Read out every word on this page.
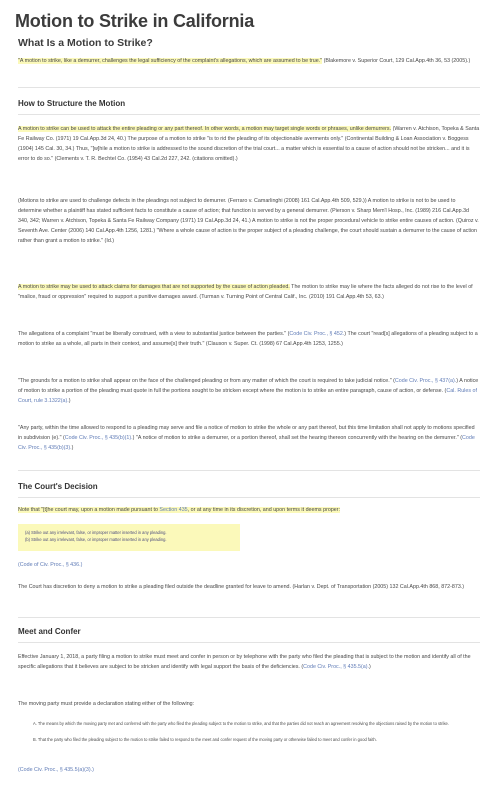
Motion to Strike in California
What Is a Motion to Strike?

"A motion to strike, like a demurrer, challenges the legal sufficiency of the complaint's allegations, which are assumed to be true." (Blakemore v. Superior Court, 129 Cal.App.4th 36, 53 (2005).)

How to Structure the Motion

A motion to strike can be used to attack the entire pleading or any part thereof. In other words, a motion may target single words or phrases, unlike demurrers. (Warren v. Atchison, Topeka & Santa Fe Railway Co. (1971) 19 Cal.App.3d 24, 40.) The purpose of a motion to strike "is to rid the pleading of its objectionable averments only." (Continental Building & Loan Association v. Boggess (1904) 145 Cal. 30, 34.) Thus, "[w]hile a motion to strike is addressed to the sound discretion of the trial court... a matter which is essential to a cause of action should not be stricken... and it is error to do so." (Clements v. T. R. Bechtel Co. (1954) 43 Cal.2d 227, 242. (citations omitted).)

(Motions to strike are used to challenge defects in the pleadings not subject to demurrer. (Ferraro v. Camarlinghi (2008) 161 Cal.App.4th 509, 529.)) A motion to strike is not to be used to determine whether a plaintiff has stated sufficient facts to constitute a cause of action; that function is served by a general demurrer. (Pierson v. Sharp Mem'l Hosp., Inc. (1989) 216 Cal.App.3d 340, 342; Warren v. Atchison, Topeka & Santa Fe Railway Company (1971) 19 Cal.App.3d 24, 41.) A motion to strike is not the proper procedural vehicle to strike entire causes of action. (Quiroz v. Seventh Ave. Center (2006) 140 Cal.App.4th 1256, 1281.) "Where a whole cause of action is the proper subject of a pleading challenge, the court should sustain a demurrer to the cause of action rather than grant a motion to strike." (Id.)

A motion to strike may be used to attack claims for damages that are not supported by the cause of action pleaded. The motion to strike may lie where the facts alleged do not rise to the level of "malice, fraud or oppression" required to support a punitive damages award. (Turman v. Turning Point of Central Calif., Inc. (2010) 191 Cal.App.4th 53, 63.)

The allegations of a complaint "must be liberally construed, with a view to substantial justice between the parties." (Code Civ. Proc., § 452.) The court "read[s] allegations of a pleading subject to a motion to strike as a whole, all parts in their context, and assume[s] their truth." (Clauson v. Super. Ct. (1998) 67 Cal.App.4th 1253, 1255.)

"The grounds for a motion to strike shall appear on the face of the challenged pleading or from any matter of which the court is required to take judicial notice." (Code Civ. Proc., § 437(a).) A notice of motion to strike a portion of the pleading must quote in full the portions sought to be stricken except where the motion is to strike an entire paragraph, cause of action, or defense. (Cal. Rules of Court, rule 3.1322(a).)

"Any party, within the time allowed to respond to a pleading may serve and file a notice of motion to strike the whole or any part thereof, but this time limitation shall not apply to motions specified in subdivision (e)." (Code Civ. Proc., § 435(b)(1).) "A notice of motion to strike a demurrer, or a portion thereof, shall set the hearing thereon concurrently with the hearing on the demurrer." (Code Civ. Proc., § 435(b)(3).)

The Court's Decision

Note that "[t]he court may, upon a motion made pursuant to Section 435, or at any time in its discretion, and upon terms it deems proper:

(a) Strike out any irrelevant, false, or improper matter inserted in any pleading.

(b) Strike out any irrelevant, false, or improper matter inserted in any pleading.

(Code of Civ. Proc., § 436.)

The Court has discretion to deny a motion to strike a pleading filed outside the deadline granted for leave to amend. (Harlan v. Dept. of Transportation (2005) 132 Cal.App.4th 868, 872-873.)

Meet and Confer

Effective January 1, 2018, a party filing a motion to strike must meet and confer in person or by telephone with the party who filed the pleading that is subject to the motion and identify all of the specific allegations that it believes are subject to be stricken and identify with legal support the basis of the deficiencies. (Code Civ. Proc., § 435.5(a).)

The moving party must provide a declaration stating either of the following:

A. The means by which the moving party met and conferred with the party who filed the pleading subject to the motion to strike, and that the parties did not reach an agreement resolving the objections raised by the motion to strike.

B. That the party who filed the pleading subject to the motion to strike failed to respond to the meet and confer request of the moving party or otherwise failed to meet and confer in good faith.

(Code Civ. Proc., § 435.5(a)(3).)
